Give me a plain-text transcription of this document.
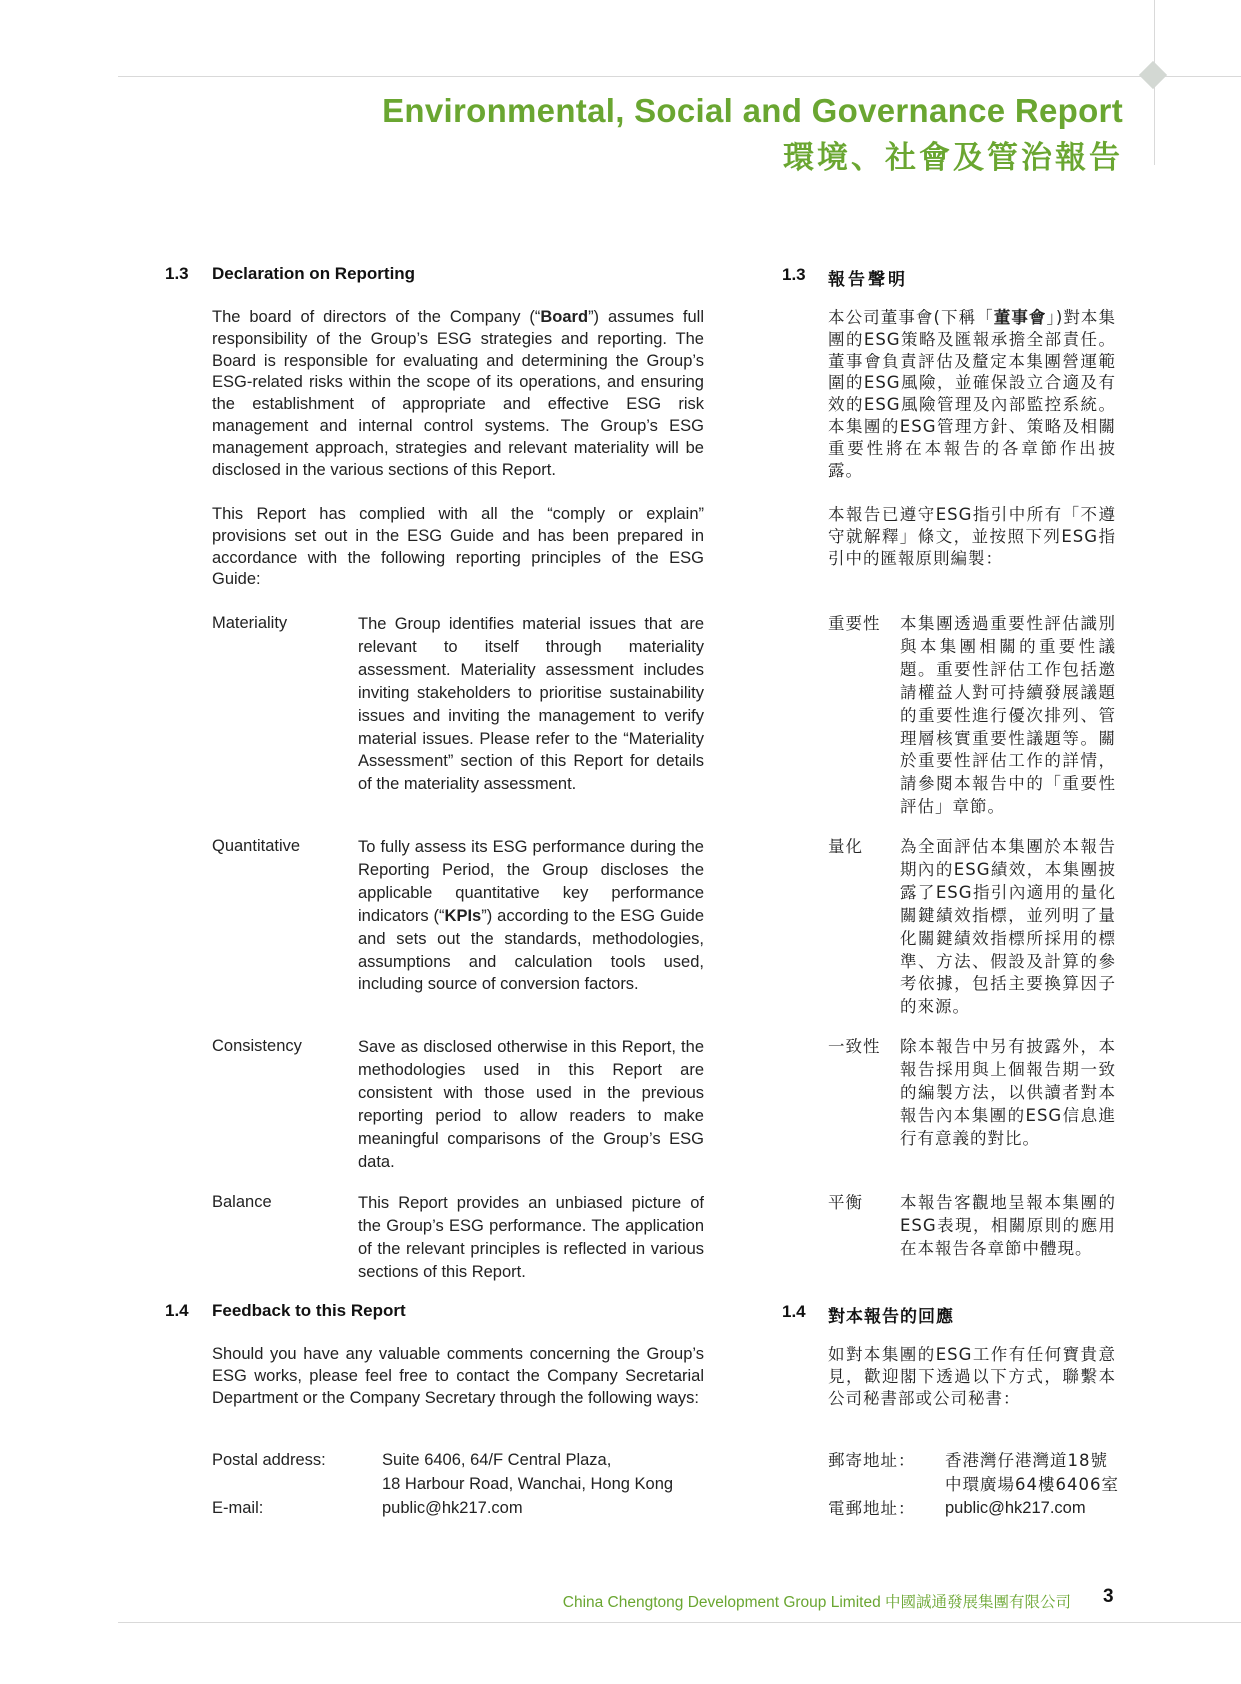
Environmental, Social and Governance Report
環境、社會及管治報告
1.3 Declaration on Reporting

The board of directors of the Company (“Board”) assumes full responsibility of the Group’s ESG strategies and reporting. The Board is responsible for evaluating and determining the Group’s ESG-related risks within the scope of its operations, and ensuring the establishment of appropriate and effective ESG risk management and internal control systems. The Group’s ESG management approach, strategies and relevant materiality will be disclosed in the various sections of this Report.

This Report has complied with all the “comply or explain” provisions set out in the ESG Guide and has been prepared in accordance with the following reporting principles of the ESG Guide:

Materiality	The Group identifies material issues that are relevant to itself through materiality assessment. Materiality assessment includes inviting stakeholders to prioritise sustainability issues and inviting the management to verify material issues. Please refer to the “Materiality Assessment” section of this Report for details of the materiality assessment.

Quantitative	To fully assess its ESG performance during the Reporting Period, the Group discloses the applicable quantitative key performance indicators (“KPIs”) according to the ESG Guide and sets out the standards, methodologies, assumptions and calculation tools used, including source of conversion factors.

Consistency	Save as disclosed otherwise in this Report, the methodologies used in this Report are consistent with those used in the previous reporting period to allow readers to make meaningful comparisons of the Group’s ESG data.

Balance	This Report provides an unbiased picture of the Group’s ESG performance. The application of the relevant principles is reflected in various sections of this Report.

1.4 Feedback to this Report

Should you have any valuable comments concerning the Group’s ESG works, please feel free to contact the Company Secretarial Department or the Company Secretary through the following ways:

Postal address:	Suite 6406, 64/F Central Plaza,
18 Harbour Road, Wanchai, Hong Kong
E-mail:	public@hk217.com
1.3 報告聲明

本公司董事會(下稱「董事會」)對本集團的ESG策略及匯報承擔全部責任。董事會負責評估及釐定本集團營運範圍的ESG風險，並確保設立合適及有效的ESG風險管理及內部監控系統。本集團的ESG管理方針、策略及相關重要性將在本報告的各章節作出披露。

本報告已遵守ESG指引中所有「不遵守就解釋」條文，並按照下列ESG指引中的匯報原則編製：

重要性 本集團透過重要性評估識別與本集團相關的重要性議題。重要性評估工作包括邀請權益人對可持續發展議題的重要性進行優次排列、管理層核實重要性議題等。關於重要性評估工作的詳情，請參閱本報告中的「重要性評估」章節。

量化 為全面評估本集團於本報告期內的ESG績效，本集團披露了ESG指引內適用的量化關鍵績效指標，並列明了量化關鍵績效指標所採用的標準、方法、假設及計算的參考依據，包括主要換算因子的來源。

一致性 除本報告中另有披露外，本報告採用與上個報告期一致的編製方法，以供讀者對本報告內本集團的ESG信息進行有意義的對比。

平衡 本報告客觀地呈報本集團的ESG表現，相關原則的應用在本報告各章節中體現。

1.4 對本報告的回應

如對本集團的ESG工作有任何寶貴意見，歡迎閣下透過以下方式，聯繫本公司秘書部或公司秘書：

郵寄地址： 香港灣仔港灣道18號
中環廣場64樓6406室
電郵地址： public@hk217.com
China Chengtong Development Group Limited 中國誠通發展集團有限公司 3
